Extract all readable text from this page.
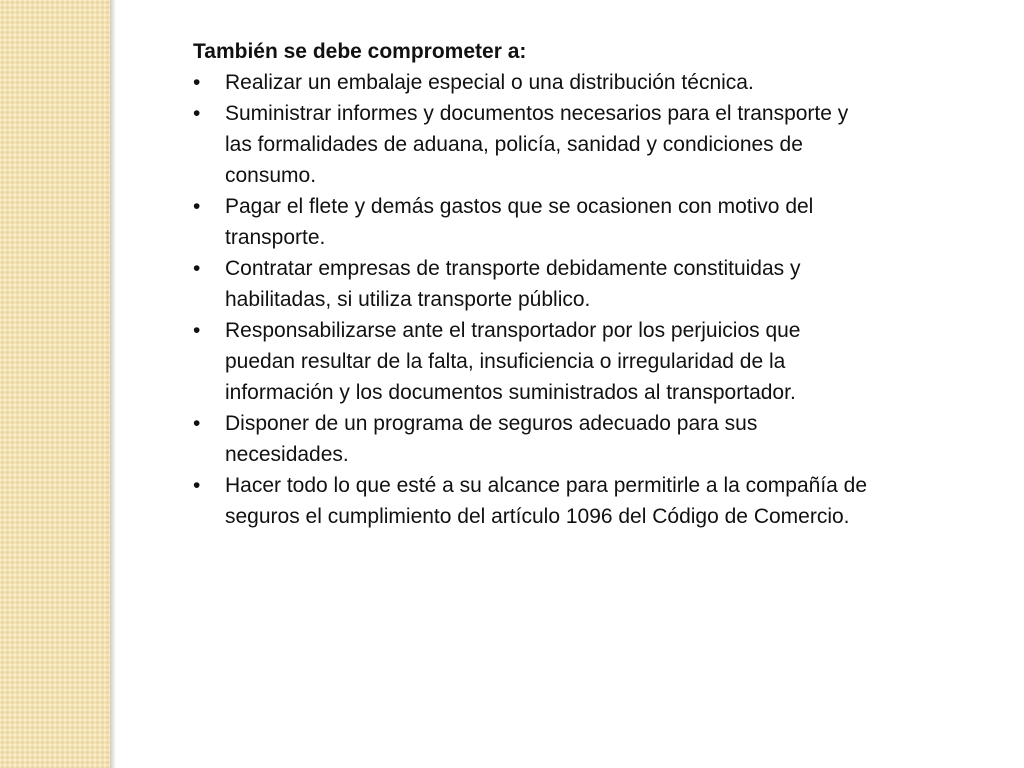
También se debe comprometer a:

• Realizar un embalaje especial o una distribución técnica.
• Suministrar informes y documentos necesarios para el transporte y las formalidades de aduana, policía, sanidad y condiciones de consumo.
• Pagar el flete y demás gastos que se ocasionen con motivo del transporte.
• Contratar empresas de transporte debidamente constituidas y habilitadas, si utiliza transporte público.
• Responsabilizarse ante el transportador por los perjuicios que puedan resultar de la falta, insuficiencia o irregularidad de la información y los documentos suministrados al transportador.
• Disponer de un programa de seguros adecuado para sus necesidades.
• Hacer todo lo que esté a su alcance para permitirle a la compañía de seguros el cumplimiento del artículo 1096 del Código de Comercio.
